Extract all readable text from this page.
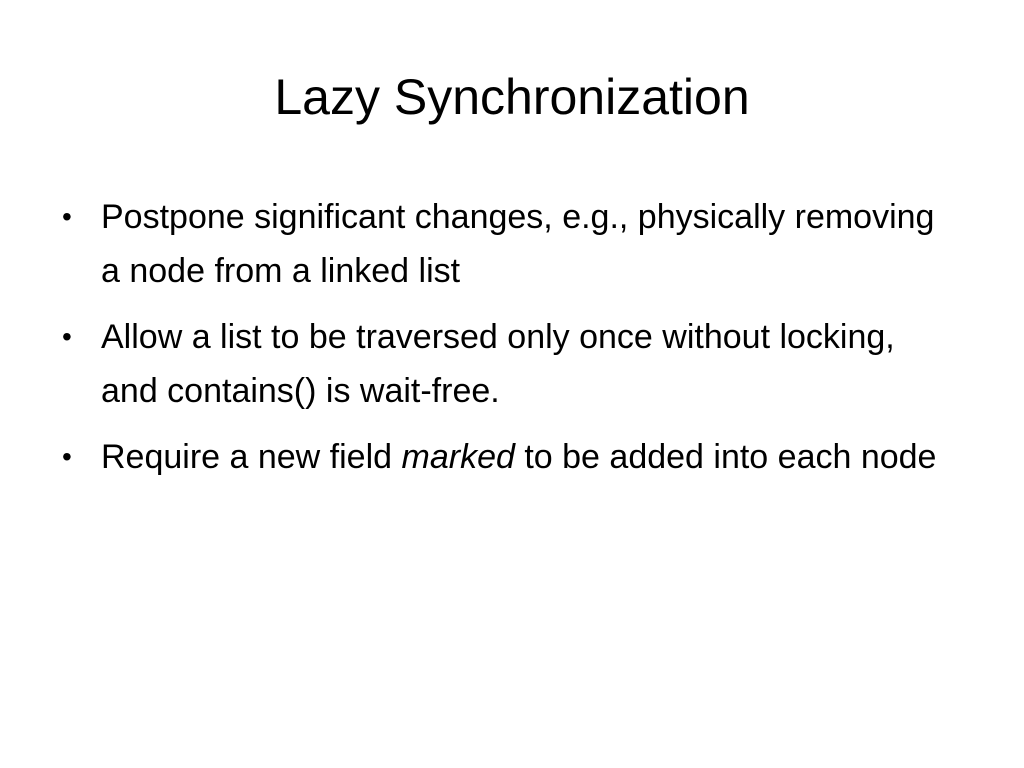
Lazy Synchronization
• Postpone significant changes, e.g., physically removing a node from a linked list
• Allow a list to be traversed only once without locking, and contains() is wait-free.
• Require a new field marked to be added into each node
